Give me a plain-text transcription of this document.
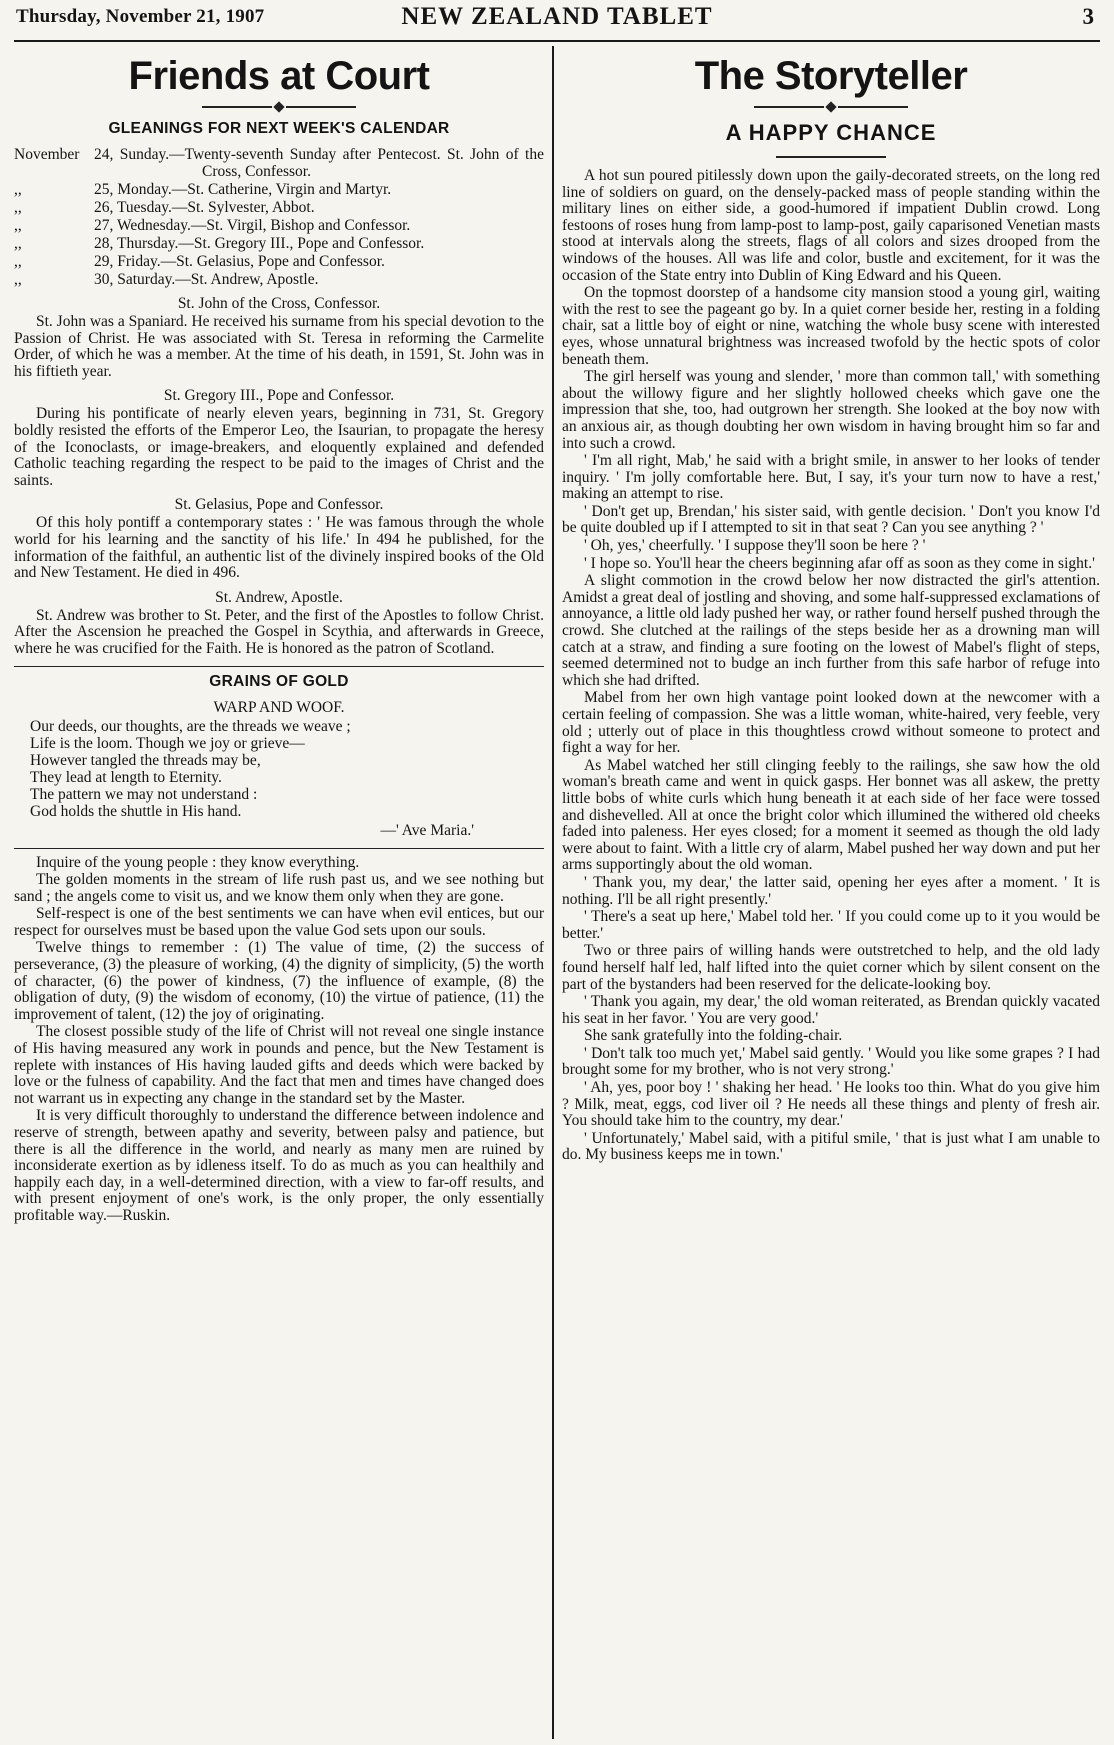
Thursday, November 21, 1907	NEW ZEALAND TABLET	3
Friends at Court
GLEANINGS FOR NEXT WEEK'S CALENDAR
November 24, Sunday.—Twenty-seventh Sunday after Pentecost. St. John of the Cross, Confessor.
,,	25, Monday.—St. Catherine, Virgin and Martyr.
,,	26, Tuesday.—St. Sylvester, Abbot.
,,	27, Wednesday.—St. Virgil, Bishop and Confessor.
,,	28, Thursday.—St. Gregory III., Pope and Confessor.
,,	29, Friday.—St. Gelasius, Pope and Confessor.
,,	30, Saturday.—St. Andrew, Apostle.
St. John of the Cross, Confessor.

St. John was a Spaniard. He received his surname from his special devotion to the Passion of Christ. He was associated with St. Teresa in reforming the Carmelite Order, of which he was a member. At the time of his death, in 1591, St. John was in his fiftieth year.

St. Gregory III., Pope and Confessor.

During his pontificate of nearly eleven years, beginning in 731, St. Gregory boldly resisted the efforts of the Emperor Leo, the Isaurian, to propagate the heresy of the Iconoclasts, or image-breakers, and eloquently explained and defended Catholic teaching regarding the respect to be paid to the images of Christ and the saints.

St. Gelasius, Pope and Confessor.

Of this holy pontiff a contemporary states : ' He was famous through the whole world for his learning and the sanctity of his life.' In 494 he published, for the information of the faithful, an authentic list of the divinely inspired books of the Old and New Testament. He died in 496.

St. Andrew, Apostle.

St. Andrew was brother to St. Peter, and the first of the Apostles to follow Christ. After the Ascension he preached the Gospel in Scythia, and afterwards in Greece, where he was crucified for the Faith. He is honored as the patron of Scotland.

GRAINS OF GOLD
WARP AND WOOF.
Our deeds, our thoughts, are the threads we weave ;
Life is the loom. Though we joy or grieve—
However tangled the threads may be,
They lead at length to Eternity.
The pattern we may not understand :
God holds the shuttle in His hand.
—' Ave Maria.'

Inquire of the young people : they know everything.

The golden moments in the stream of life rush past us, and we see nothing but sand ; the angels come to visit us, and we know them only when they are gone.

Self-respect is one of the best sentiments we can have when evil entices, but our respect for ourselves must be based upon the value God sets upon our souls.

Twelve things to remember : (1) The value of time, (2) the success of perseverance, (3) the pleasure of working, (4) the dignity of simplicity, (5) the worth of character, (6) the power of kindness, (7) the influence of example, (8) the obligation of duty, (9) the wisdom of economy, (10) the virtue of patience, (11) the improvement of talent, (12) the joy of originating.

The closest possible study of the life of Christ will not reveal one single instance of His having measured any work in pounds and pence, but the New Testament is replete with instances of His having lauded gifts and deeds which were backed by love or the fulness of capability. And the fact that men and times have changed does not warrant us in expecting any change in the standard set by the Master.

It is very difficult thoroughly to understand the difference between indolence and reserve of strength, between apathy and severity, between palsy and patience, but there is all the difference in the world, and nearly as many men are ruined by inconsiderate exertion as by idleness itself. To do as much as you can healthily and happily each day, in a well-determined direction, with a view to far-off results, and with present enjoyment of one's work, is the only proper, the only essentially profitable way.—Ruskin.

The Storyteller
A HAPPY CHANCE

A hot sun poured pitilessly down upon the gaily-decorated streets, on the long red line of soldiers on guard, on the densely-packed mass of people standing within the military lines on either side, a good-humored if impatient Dublin crowd. Long festoons of roses hung from lamp-post to lamp-post, gaily caparisoned Venetian masts stood at intervals along the streets, flags of all colors and sizes drooped from the windows of the houses. All was life and color, bustle and excitement, for it was the occasion of the State entry into Dublin of King Edward and his Queen.

On the topmost doorstep of a handsome city mansion stood a young girl, waiting with the rest to see the pageant go by. In a quiet corner beside her, resting in a folding chair, sat a little boy of eight or nine, watching the whole busy scene with interested eyes, whose unnatural brightness was increased twofold by the hectic spots of color beneath them.

The girl herself was young and slender, ' more than common tall,' with something about the willowy figure and her slightly hollowed cheeks which gave one the impression that she, too, had outgrown her strength. She looked at the boy now with an anxious air, as though doubting her own wisdom in having brought him so far and into such a crowd.

' I'm all right, Mab,' he said with a bright smile, in answer to her looks of tender inquiry. ' I'm jolly comfortable here. But, I say, it's your turn now to have a rest,' making an attempt to rise.

' Don't get up, Brendan,' his sister said, with gentle decision. ' Don't you know I'd be quite doubled up if I attempted to sit in that seat ? Can you see anything ? '

' Oh, yes,' cheerfully. ' I suppose they'll soon be here ? '

' I hope so. You'll hear the cheers beginning afar off as soon as they come in sight.'

A slight commotion in the crowd below her now distracted the girl's attention. Amidst a great deal of jostling and shoving, and some half-suppressed exclamations of annoyance, a little old lady pushed her way, or rather found herself pushed through the crowd. She clutched at the railings of the steps beside her as a drowning man will catch at a straw, and finding a sure footing on the lowest of Mabel's flight of steps, seemed determined not to budge an inch further from this safe harbor of refuge into which she had drifted.

Mabel from her own high vantage point looked down at the newcomer with a certain feeling of compassion. She was a little woman, white-haired, very feeble, very old ; utterly out of place in this thoughtless crowd without someone to protect and fight a way for her.

As Mabel watched her still clinging feebly to the railings, she saw how the old woman's breath came and went in quick gasps. Her bonnet was all askew, the pretty little bobs of white curls which hung beneath it at each side of her face were tossed and dishevelled. All at once the bright color which illumined the withered old cheeks faded into paleness. Her eyes closed; for a moment it seemed as though the old lady were about to faint. With a little cry of alarm, Mabel pushed her way down and put her arms supportingly about the old woman.

' Thank you, my dear,' the latter said, opening her eyes after a moment. ' It is nothing. I'll be all right presently.'

' There's a seat up here,' Mabel told her. ' If you could come up to it you would be better.'

Two or three pairs of willing hands were outstretched to help, and the old lady found herself half led, half lifted into the quiet corner which by silent consent on the part of the bystanders had been reserved for the delicate-looking boy.

' Thank you again, my dear,' the old woman reiterated, as Brendan quickly vacated his seat in her favor. ' You are very good.'

She sank gratefully into the folding-chair.

' Don't talk too much yet,' Mabel said gently. ' Would you like some grapes ? I had brought some for my brother, who is not very strong.'

' Ah, yes, poor boy ! ' shaking her head. ' He looks too thin. What do you give him ? Milk, meat, eggs, cod liver oil ? He needs all these things and plenty of fresh air. You should take him to the country, my dear.'

' Unfortunately,' Mabel said, with a pitiful smile, ' that is just what I am unable to do. My business keeps me in town.'
